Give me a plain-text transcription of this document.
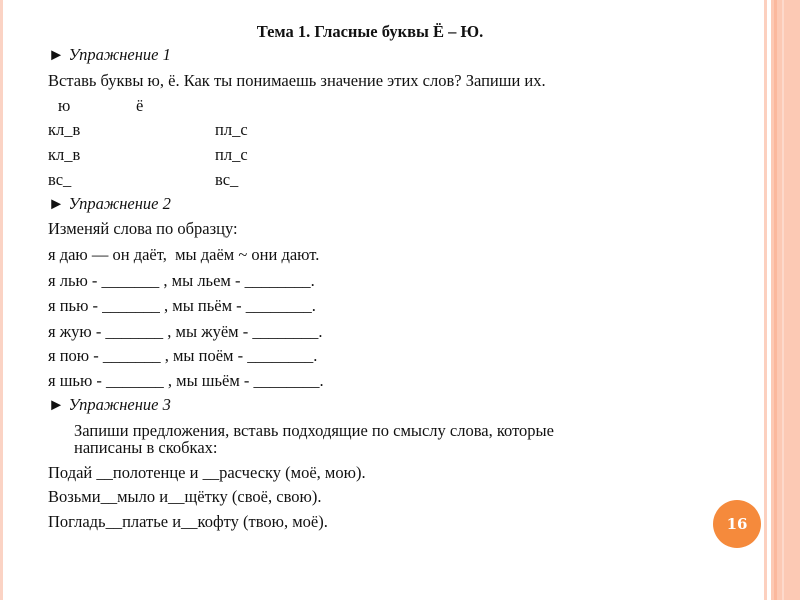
Тема 1. Гласные буквы Ё – Ю.
► Упражнение 1
Вставь буквы ю, ё. Как ты понимаешь значение этих слов? Запиши их.
ю	ё
кл_в	пл_с
кл_в	пл_с
вс_	вс_
► Упражнение 2
Изменяй слова по образцу:
я даю — он даёт,  мы даём ~ они дают.
я лью - _______ , мы льем - ________.
я пью - _______ , мы пьём - ________.
я жую - _______ , мы жуём - ________.
я пою - _______ , мы поём - ________.
я шью - _______ , мы шьём - ________.
► Упражнение 3
Запиши предложения, вставь подходящие по смыслу слова, которые
написаны в скобках:
Подай __полотенце и __расческу (моё, мою).
Возьми__мыло и__щётку (своё, свою).
Погладь__платье и__кофту (твою, моё).	16
